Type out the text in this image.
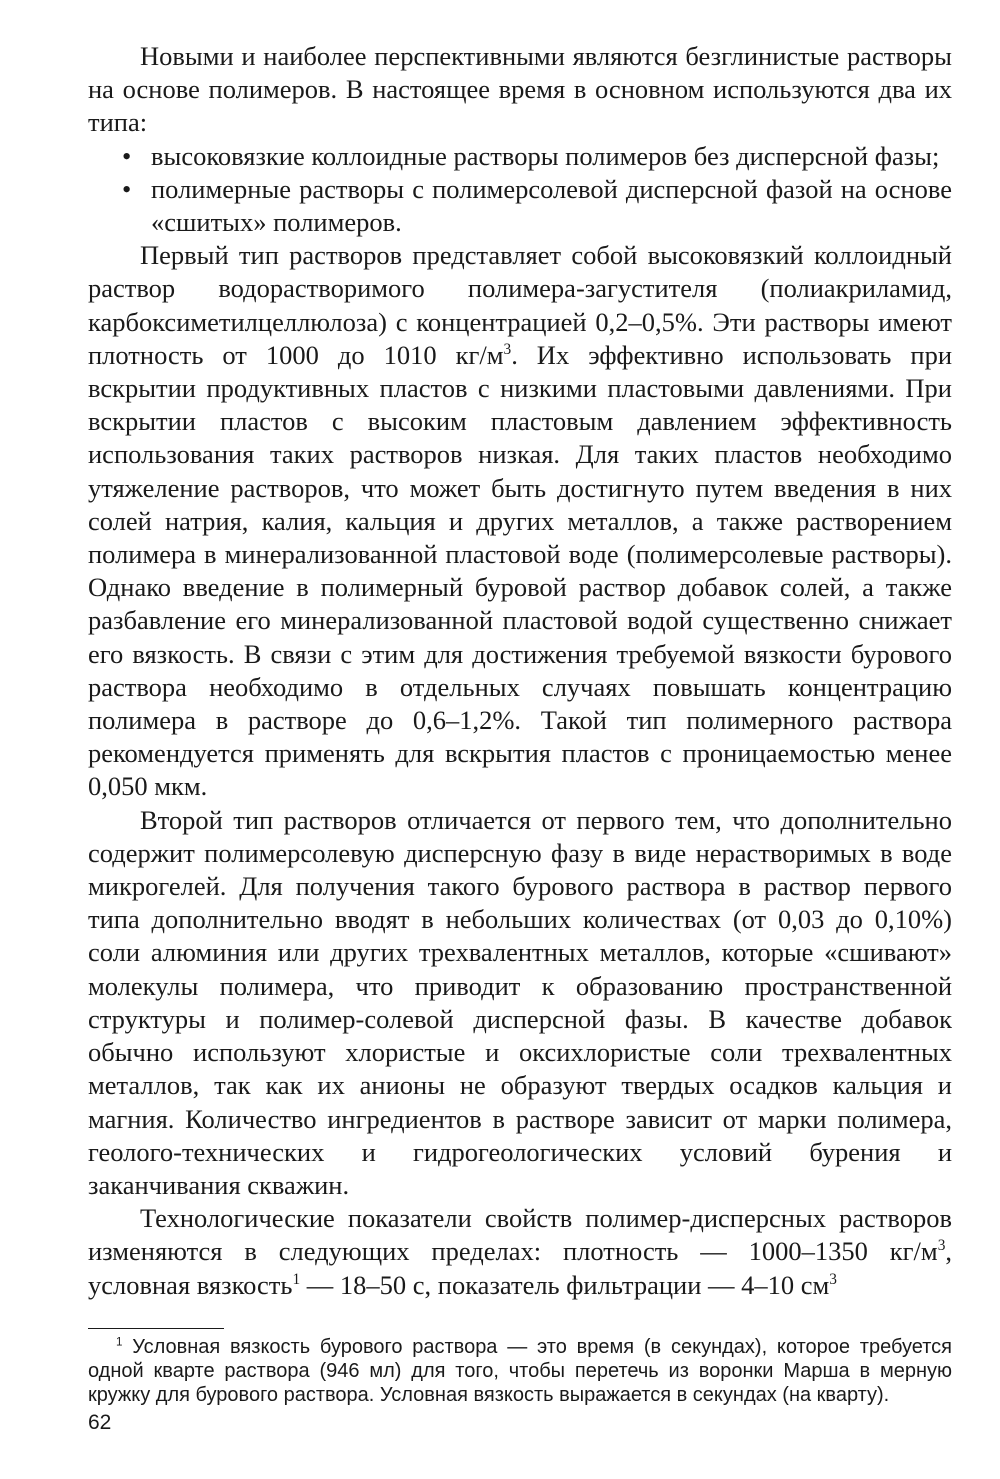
Новыми и наиболее перспективными являются безглинистые растворы на основе полимеров. В настоящее время в основном используются два их типа:

• высоковязкие коллоидные растворы полимеров без дисперсной фазы;
• полимерные растворы с полимерсолевой дисперсной фазой на основе «сшитых» полимеров.

Первый тип растворов представляет собой высоковязкий коллоидный раствор водорастворимого полимера-загустителя (полиакриламид, карбоксиметилцеллюлоза) с концентрацией 0,2–0,5%. Эти растворы имеют плотность от 1000 до 1010 $кг/м^3$. Их эффективно использовать при вскрытии продуктивных пластов с низкими пластовыми давлениями. При вскрытии пластов с высоким пластовым давлением эффективность использования таких растворов низкая. Для таких пластов необходимо утяжеление растворов, что может быть достигнуто путем введения в них солей натрия, калия, кальция и других металлов, а также растворением полимера в минерализованной пластовой воде (полимерсолевые растворы). Однако введение в полимерный буровой раствор добавок солей, а также разбавление его минерализованной пластовой водой существенно снижает его вязкость. В связи с этим для достижения требуемой вязкости бурового раствора необходимо в отдельных случаях повышать концентрацию полимера в растворе до 0,6–1,2%. Такой тип полимерного раствора рекомендуется применять для вскрытия пластов с проницаемостью менее 0,050 мкм.

Второй тип растворов отличается от первого тем, что дополнительно содержит полимерсолевую дисперсную фазу в виде нерастворимых в воде микрогелей. Для получения такого бурового раствора в раствор первого типа дополнительно вводят в небольших количествах (от 0,03 до 0,10%) соли алюминия или других трехвалентных металлов, которые «сшивают» молекулы полимера, что приводит к образованию пространственной структуры и полимер-солевой дисперсной фазы. В качестве добавок обычно используют хлористые и оксихлористые соли трехвалентных металлов, так как их анионы не образуют твердых осадков кальция и магния. Количество ингредиентов в растворе зависит от марки полимера, геолого-технических и гидрогеологических условий бурения и заканчивания скважин.

Технологические показатели свойств полимер-дисперсных растворов изменяются в следующих пределах: плотность — 1000–1350 $кг/м^3$, условная вязкость$^1$ — 18–50 с, показатель фильтрации — 4–10 $см^3$

$^1$ Условная вязкость бурового раствора — это время (в секундах), которое требуется одной кварте раствора (946 мл) для того, чтобы перетечь из воронки Марша в мерную кружку для бурового раствора. Условная вязкость выражается в секундах (на кварту).

62
